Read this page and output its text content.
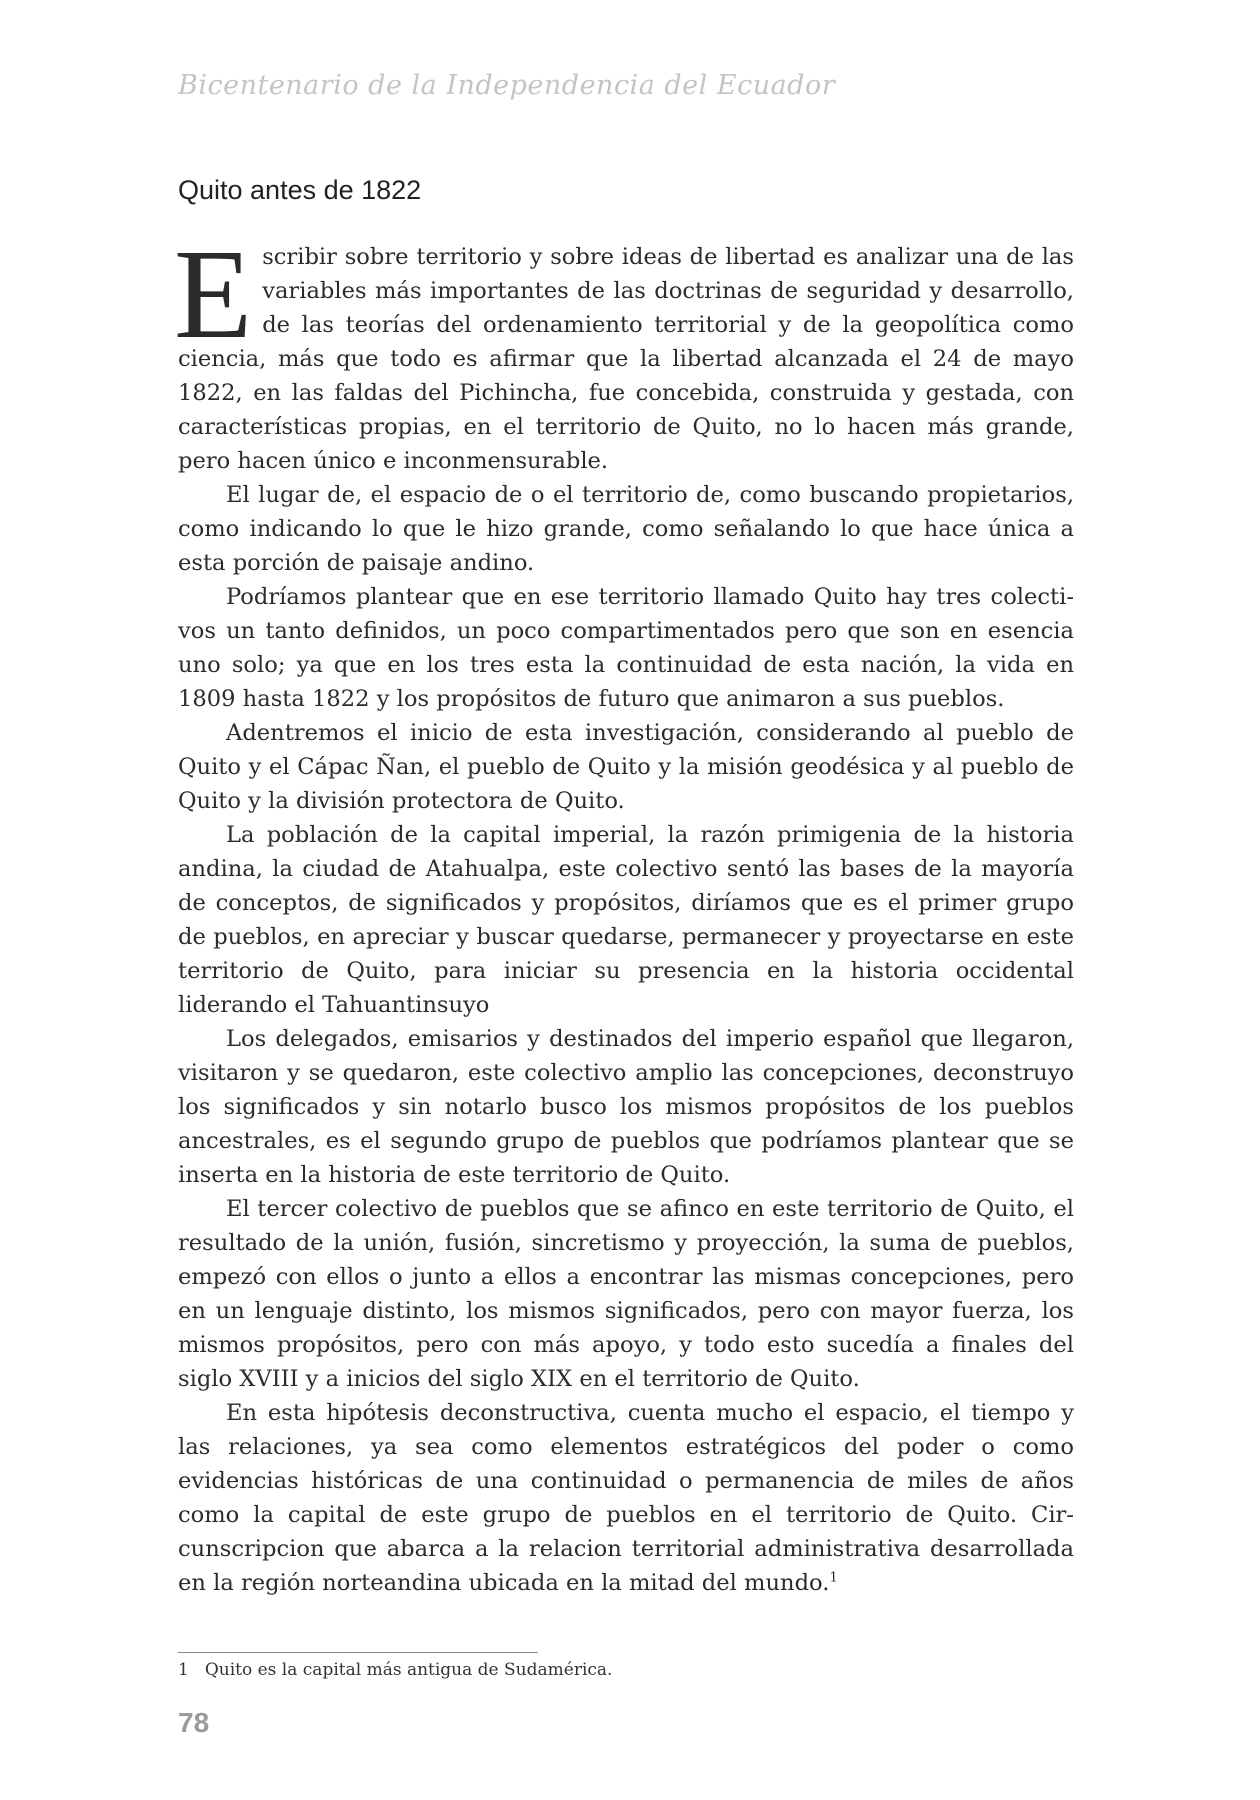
Bicentenario de la Independencia del Ecuador
Quito antes de 1822

Escribir sobre territorio y sobre ideas de libertad es analizar una de las variables más importantes de las doctrinas de seguridad y desarrollo, de las teorías del ordenamiento territorial y de la geopolítica como ciencia, más que todo es afirmar que la libertad alcanzada el 24 de mayo 1822, en las faldas del Pichincha, fue concebida, construida y gestada, con características propias, en el territorio de Quito, no lo hacen más grande, pero hacen único e inconmensurable.

El lugar de, el espacio de o el territorio de, como buscando propietarios, como indicando lo que le hizo grande, como señalando lo que hace única a esta porción de paisaje andino.

Podríamos plantear que en ese territorio llamado Quito hay tres colectivos un tanto definidos, un poco compartimentados pero que son en esencia uno solo; ya que en los tres esta la continuidad de esta nación, la vida en 1809 hasta 1822 y los propósitos de futuro que animaron a sus pueblos.

Adentremos el inicio de esta investigación, considerando al pueblo de Quito y el Cápac Ñan, el pueblo de Quito y la misión geodésica y al pueblo de Quito y la división protectora de Quito.

La población de la capital imperial, la razón primigenia de la historia andina, la ciudad de Atahualpa, este colectivo sentó las bases de la mayoría de conceptos, de significados y propósitos, diríamos que es el primer grupo de pueblos, en apreciar y buscar quedarse, permanecer y proyectarse en este territorio de Quito, para iniciar su presencia en la historia occidental liderando el Tahuantinsuyo

Los delegados, emisarios y destinados del imperio español que llegaron, visitaron y se quedaron, este colectivo amplio las concepciones, deconstruyo los significados y sin notarlo busco los mismos propósitos de los pueblos ancestrales, es el segundo grupo de pueblos que podríamos plantear que se inserta en la historia de este territorio de Quito.

El tercer colectivo de pueblos que se afinco en este territorio de Quito, el resultado de la unión, fusión, sincretismo y proyección, la suma de pueblos, empezó con ellos o junto a ellos a encontrar las mismas concepciones, pero en un lenguaje distinto, los mismos significados, pero con mayor fuerza, los mismos propósitos, pero con más apoyo, y todo esto sucedía a finales del siglo XVIII y a inicios del siglo XIX en el territorio de Quito.

En esta hipótesis deconstructiva, cuenta mucho el espacio, el tiempo y las relaciones, ya sea como elementos estratégicos del poder o como evidencias históricas de una continuidad o permanencia de miles de años como la capital de este grupo de pueblos en el territorio de Quito. Circunscripcion que abarca a la relacion territorial administrativa desarrollada en la región norteandina ubicada en la mitad del mundo.$^1$

1 Quito es la capital más antigua de Sudamérica.
78
